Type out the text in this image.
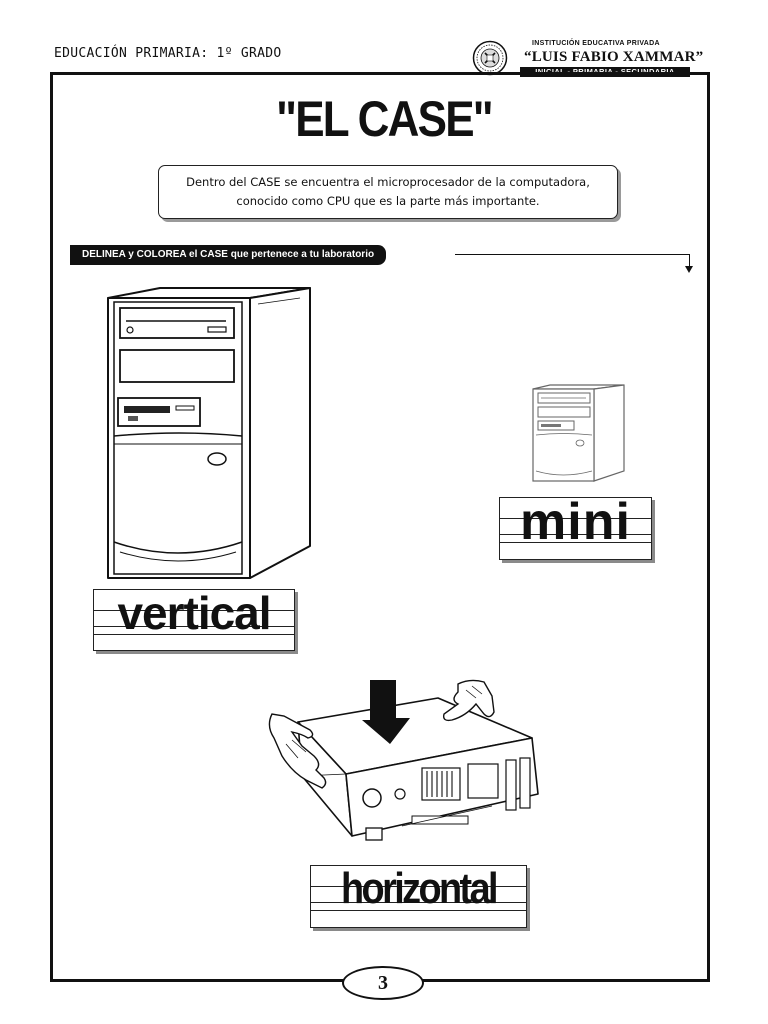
EDUCACIÓN PRIMARIA: 1º GRADO
INSTITUCIÓN EDUCATIVA PRIVADA
“LUIS FABIO XAMMAR”
INICIAL - PRIMARIA - SECUNDARIA
"EL CASE"
Dentro del CASE se encuentra el microprocesador de la computadora, conocido como CPU que es la parte más importante.
DELINEA y COLOREA el CASE que pertenece a tu laboratorio
vertical
mini
horizontal
3
